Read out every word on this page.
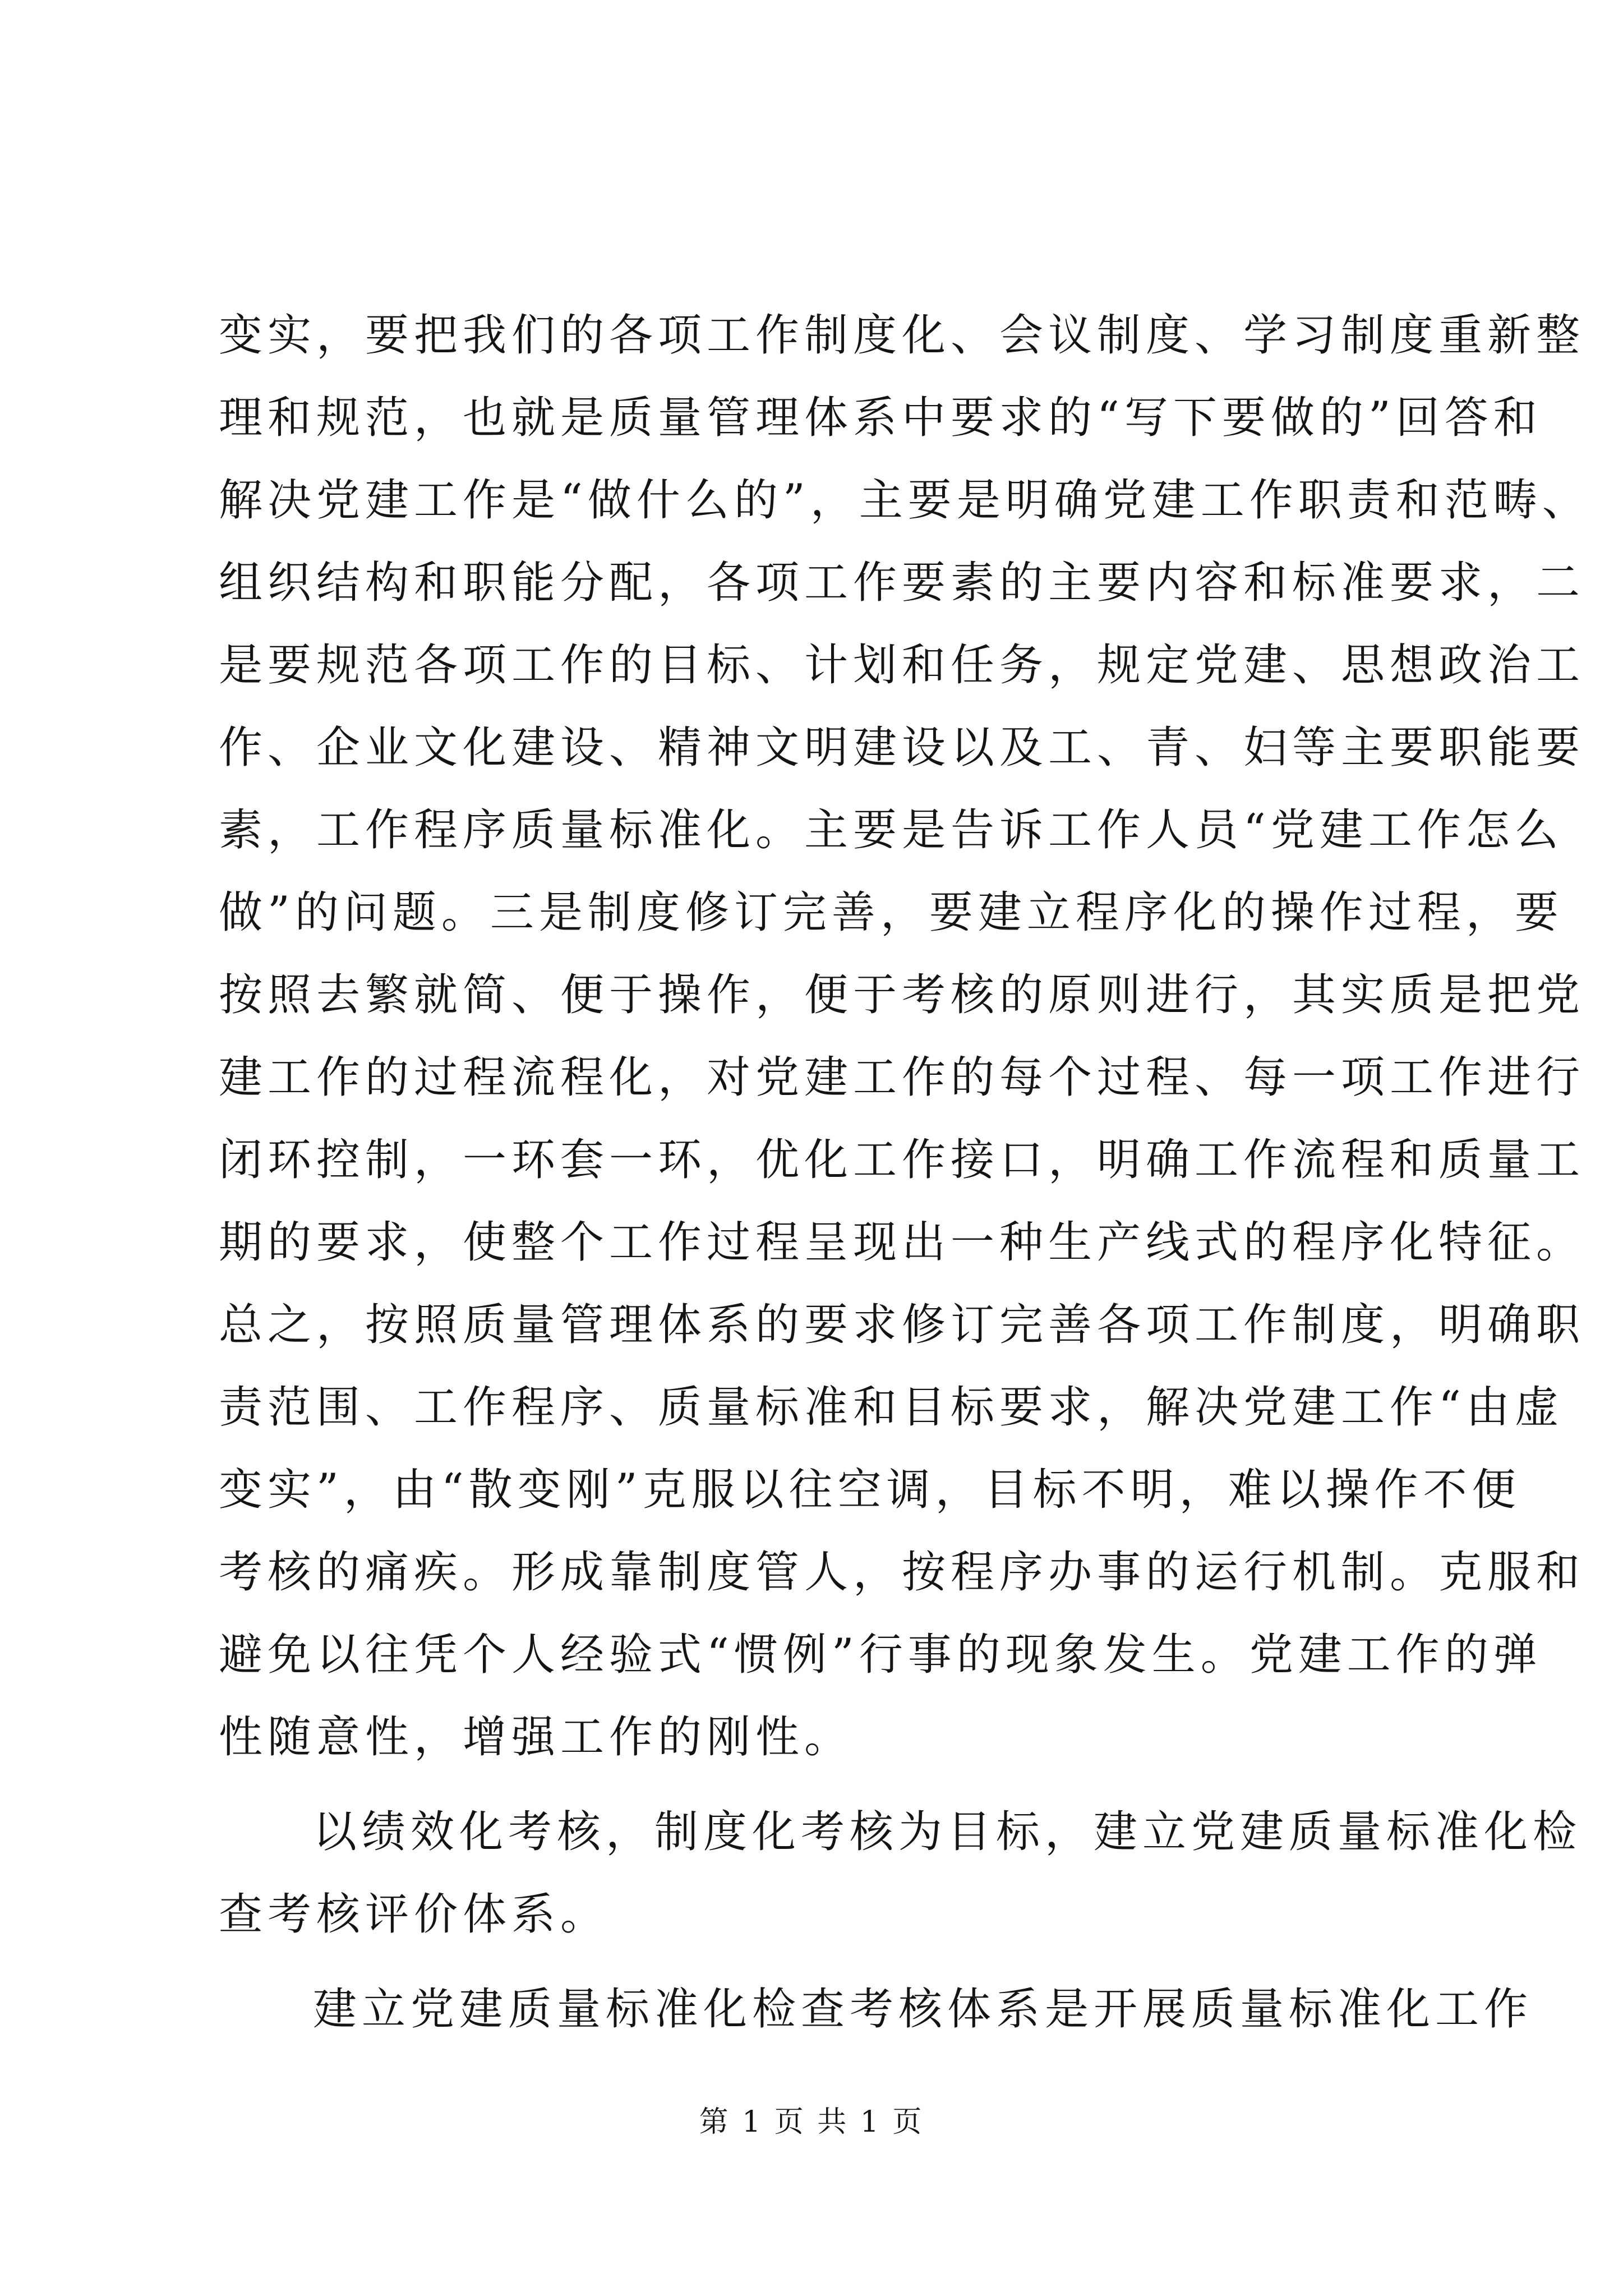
变实，要把我们的各项工作制度化、会议制度、学习制度重新整
理和规范，也就是质量管理体系中要求的“写下要做的”回答和
解决党建工作是“做什么的”，主要是明确党建工作职责和范畴、
组织结构和职能分配，各项工作要素的主要内容和标准要求，二
是要规范各项工作的目标、计划和任务，规定党建、思想政治工
作、企业文化建设、精神文明建设以及工、青、妇等主要职能要
素，工作程序质量标准化。主要是告诉工作人员“党建工作怎么
做”的问题。三是制度修订完善，要建立程序化的操作过程，要
按照去繁就简、便于操作，便于考核的原则进行，其实质是把党
建工作的过程流程化，对党建工作的每个过程、每一项工作进行
闭环控制，一环套一环，优化工作接口，明确工作流程和质量工
期的要求，使整个工作过程呈现出一种生产线式的程序化特征。
总之，按照质量管理体系的要求修订完善各项工作制度，明确职
责范围、工作程序、质量标准和目标要求，解决党建工作“由虚
变实”，由“散变刚”克服以往空调，目标不明，难以操作不便
考核的痛疾。形成靠制度管人，按程序办事的运行机制。克服和
避免以往凭个人经验式“惯例”行事的现象发生。党建工作的弹
性随意性，增强工作的刚性。
以绩效化考核，制度化考核为目标，建立党建质量标准化检
查考核评价体系。
建立党建质量标准化检查考核体系是开展质量标准化工作
第 1 页 共 1 页
